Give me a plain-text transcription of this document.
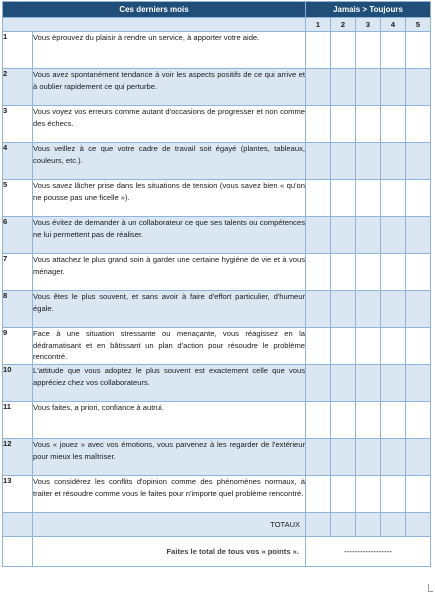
Ces derniers mois		Jamais > Toujours				
		1	2	3	4	5
1	Vous éprouvez du plaisir à rendre un service, à apporter votre aide.					
2	Vous avez spontanément tendance à voir les aspects positifs de ce qui arrive et à oublier rapidement ce qui perturbe.					
3	Vous voyez vos erreurs comme autant d'occasions de progresser et non comme des échecs.					
4	Vous veillez à ce que votre cadre de travail soit égayé (plantes, tableaux, couleurs, etc.).					
5	Vous savez lâcher prise dans les situations de tension (vous savez bien « qu'on ne pousse pas une ficelle »).					
6	Vous évitez de demander à un collaborateur ce que ses talents ou compétences ne lui permettent pas de réaliser.					
7	Vous attachez le plus grand soin à garder une certaine hygiène de vie et à vous ménager.					
8	Vous êtes le plus souvent, et sans avoir à faire d'effort particulier, d'humeur égale.					
9	Face à une situation stressante ou menaçante, vous réagissez en la dédramatisant et en bâtissant un plan d'action pour résoudre le problème rencontré.					
10	L'attitude que vous adoptez le plus souvent est exactement celle que vous appréciez chez vos collaborateurs.					
11	Vous faites, a priori, confiance à autrui.					
12	Vous « jouez » avec vos émotions, vous parvenez à les regarder de l'extérieur pour mieux les maîtriser.					
13	Vous considérez les conflits d'opinion comme des phénomènes normaux, à traiter et résoudre comme vous le faites pour n'importe quel problème rencontré.					
	TOTAUX					
	Faites le total de tous vos « points ».	------------------				
